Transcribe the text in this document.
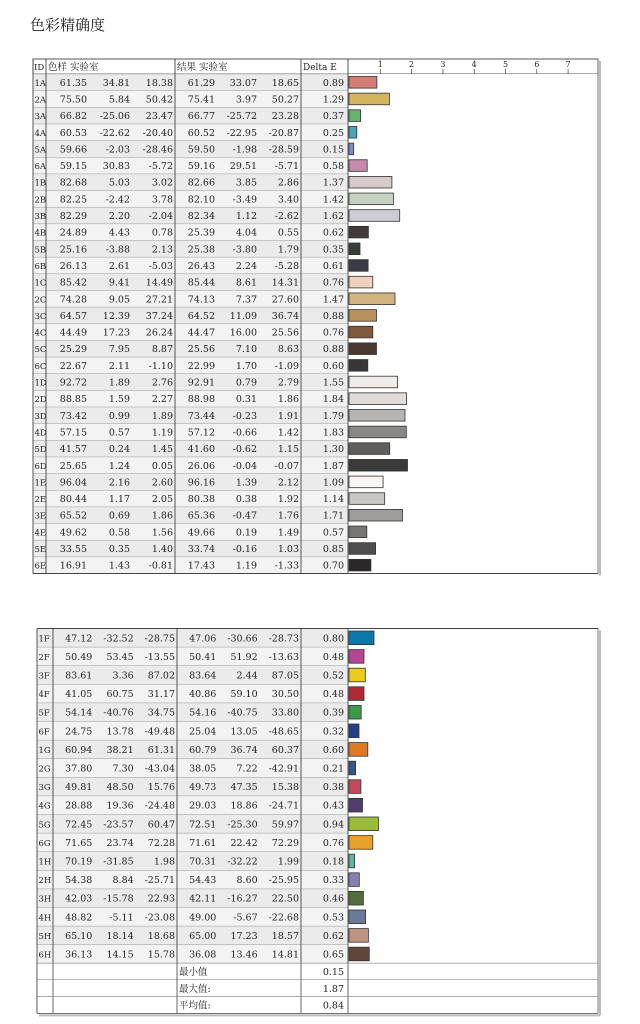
色彩精确度
ID 色样 实验室	结果 实验室	Delta E	1	2	3	4	5	6	7
1A 61.35 34.81 18.38 61.29 33.07 18.65	0.89
2A 75.50 5.84 50.42 75.41 3.97 50.27	1.29
3A 66.82 -25.06 23.47 66.77 -25.72 23.28	0.37
4A 60.53 -22.62 -20.40 60.52 -22.95 -20.87	0.25
5A 59.66 -2.03 -28.46 59.50 -1.98 -28.59	0.15
6A 59.15 30.83 -5.72 59.16 29.51 -5.71	0.58
1B 82.68 5.03 3.02 82.66 3.85 2.86	1.37
2B 82.25 -2.42 3.78 82.10 -3.49 3.40	1.42
3B 82.29 2.20 -2.04 82.34 1.12 -2.62	1.62
4B 24.89 4.43 0.78 25.39 4.04 0.55	0.62
5B 25.16 -3.88 2.13 25.38 -3.80 1.79	0.35
6B 26.13 2.61 -5.03 26.43 2.24 -5.28	0.61
1C 85.42 9.41 14.49 85.44 8.61 14.31	0.76
2C 74.28 9.05 27.21 74.13 7.37 27.60	1.47
3C 64.57 12.39 37.24 64.52 11.09 36.74	0.88
4C 44.49 17.23 26.24 44.47 16.00 25.56	0.76
5C 25.29 7.95 8.87 25.56 7.10 8.63	0.88
6C 22.67 2.11 -1.10 22.99 1.70 -1.09	0.60
1D 92.72 1.89 2.76 92.91 0.79 2.79	1.55
2D 88.85 1.59 2.27 88.98 0.31 1.86	1.84
3D 73.42 0.99 1.89 73.44 -0.23 1.91	1.79
4D 57.15 0.57 1.19 57.12 -0.66 1.42	1.83
5D 41.57 0.24 1.45 41.60 -0.62 1.15	1.30
6D 25.65 1.24 0.05 26.06 -0.04 -0.07	1.87
1E 96.04 2.16 2.60 96.16 1.39 2.12	1.09
2E 80.44 1.17 2.05 80.38 0.38 1.92	1.14
3E 65.52 0.69 1.86 65.36 -0.47 1.76	1.71
4E 49.62 0.58 1.56 49.66 0.19 1.49	0.57
5E 33.55 0.35 1.40 33.74 -0.16 1.03	0.85
6E 16.91 1.43 -0.81 17.43 1.19 -1.33	0.70
1F 47.12 -32.52 -28.75 47.06 -30.66 -28.73	0.80
2F 50.49 53.45 -13.55 50.41 51.92 -13.63	0.48
3F 83.61 3.36 87.02 83.64 2.44 87.05	0.52
4F 41.05 60.75 31.17 40.86 59.10 30.50	0.48
5F 54.14 -40.76 34.75 54.16 -40.75 33.80	0.39
6F 24.75 13.78 -49.48 25.04 13.05 -48.65	0.32
1G 60.94 38.21 61.31 60.79 36.74 60.37	0.60
2G 37.80 7.30 -43.04 38.05 7.22 -42.91	0.21
3G 49.81 48.50 15.76 49.73 47.35 15.38	0.38
4G 28.88 19.36 -24.48 29.03 18.86 -24.71	0.43
5G 72.45 -23.57 60.47 72.51 -25.30 59.97	0.94
6G 71.65 23.74 72.28 71.61 22.42 72.29	0.76
1H 70.19 -31.85 1.98 70.31 -32.22 1.99	0.18
2H 54.38 8.84 -25.71 54.43 8.60 -25.95	0.33
3H 42.03 -15.78 22.93 42.11 -16.27 22.50	0.46
4H 48.82 -5.11 -23.08 49.00 -5.67 -22.68	0.53
5H 65.10 18.14 18.68 65.00 17.23 18.57	0.62
6H 36.13 14.15 15.78 36.08 13.46 14.81	0.65
最小值	0.15
最大值:	1.87
平均值:	0.84
